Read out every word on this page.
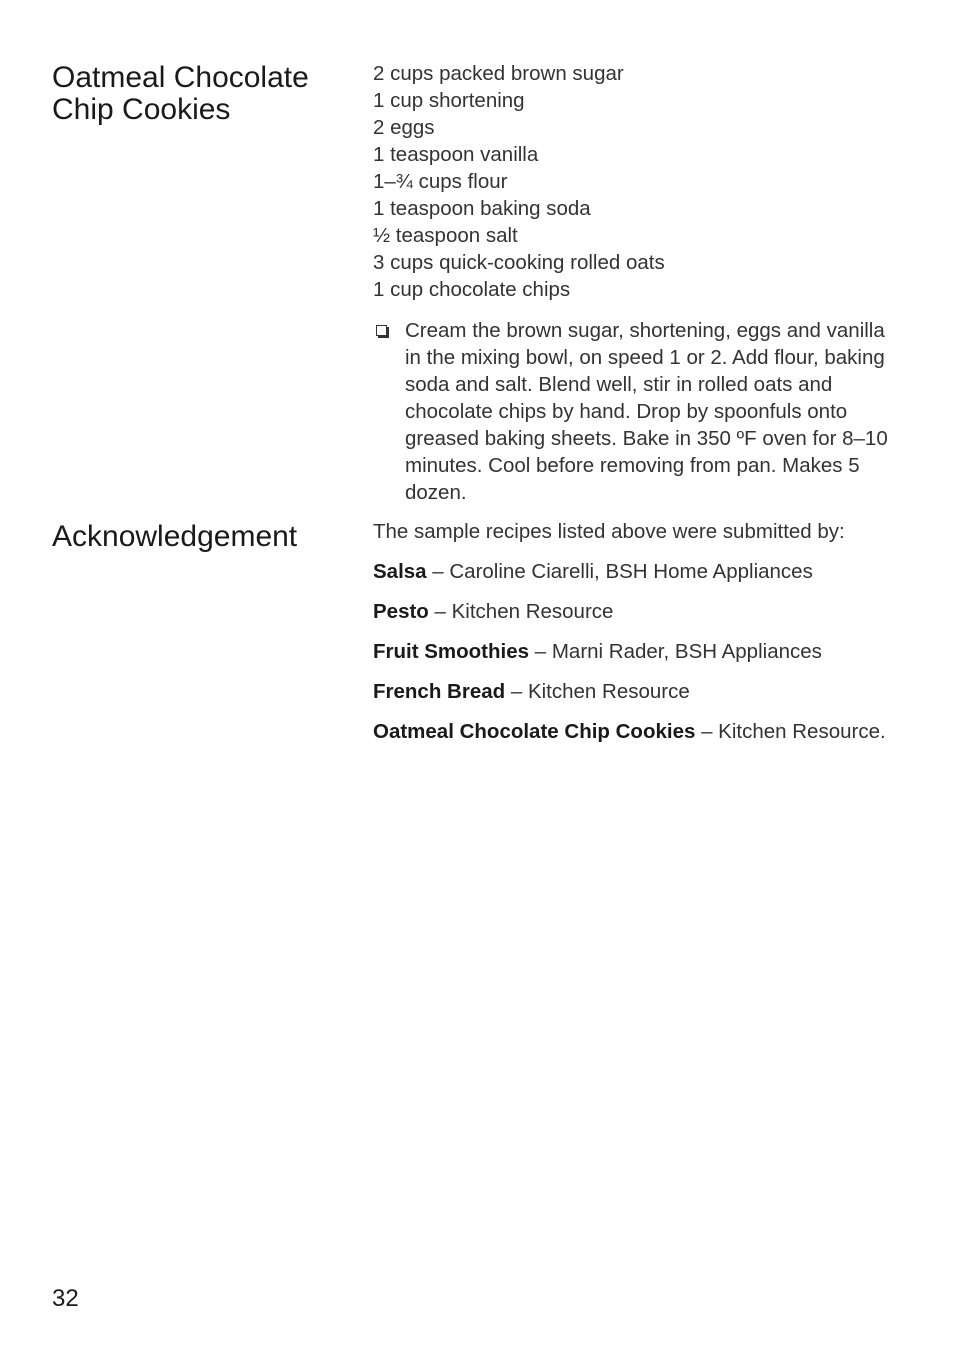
Oatmeal Chocolate
Chip Cookies
2 cups packed brown sugar
1 cup shortening
2 eggs
1 teaspoon vanilla
1–¾ cups flour
1 teaspoon baking soda
½ teaspoon salt
3 cups quick-cooking rolled oats
1 cup chocolate chips
Cream the brown sugar, shortening, eggs and vanilla in the mixing bowl, on speed 1 or 2. Add flour, baking soda and salt. Blend well, stir in rolled oats and chocolate chips by hand. Drop by spoonfuls onto greased baking sheets. Bake in 350 ºF oven for 8–10 minutes. Cool before removing from pan. Makes 5 dozen.
Acknowledgement	The sample recipes listed above were submitted by:

Salsa – Caroline Ciarelli, BSH Home Appliances

Pesto – Kitchen Resource

Fruit Smoothies – Marni Rader, BSH Appliances

French Bread – Kitchen Resource

Oatmeal Chocolate Chip Cookies – Kitchen Resource.

32
